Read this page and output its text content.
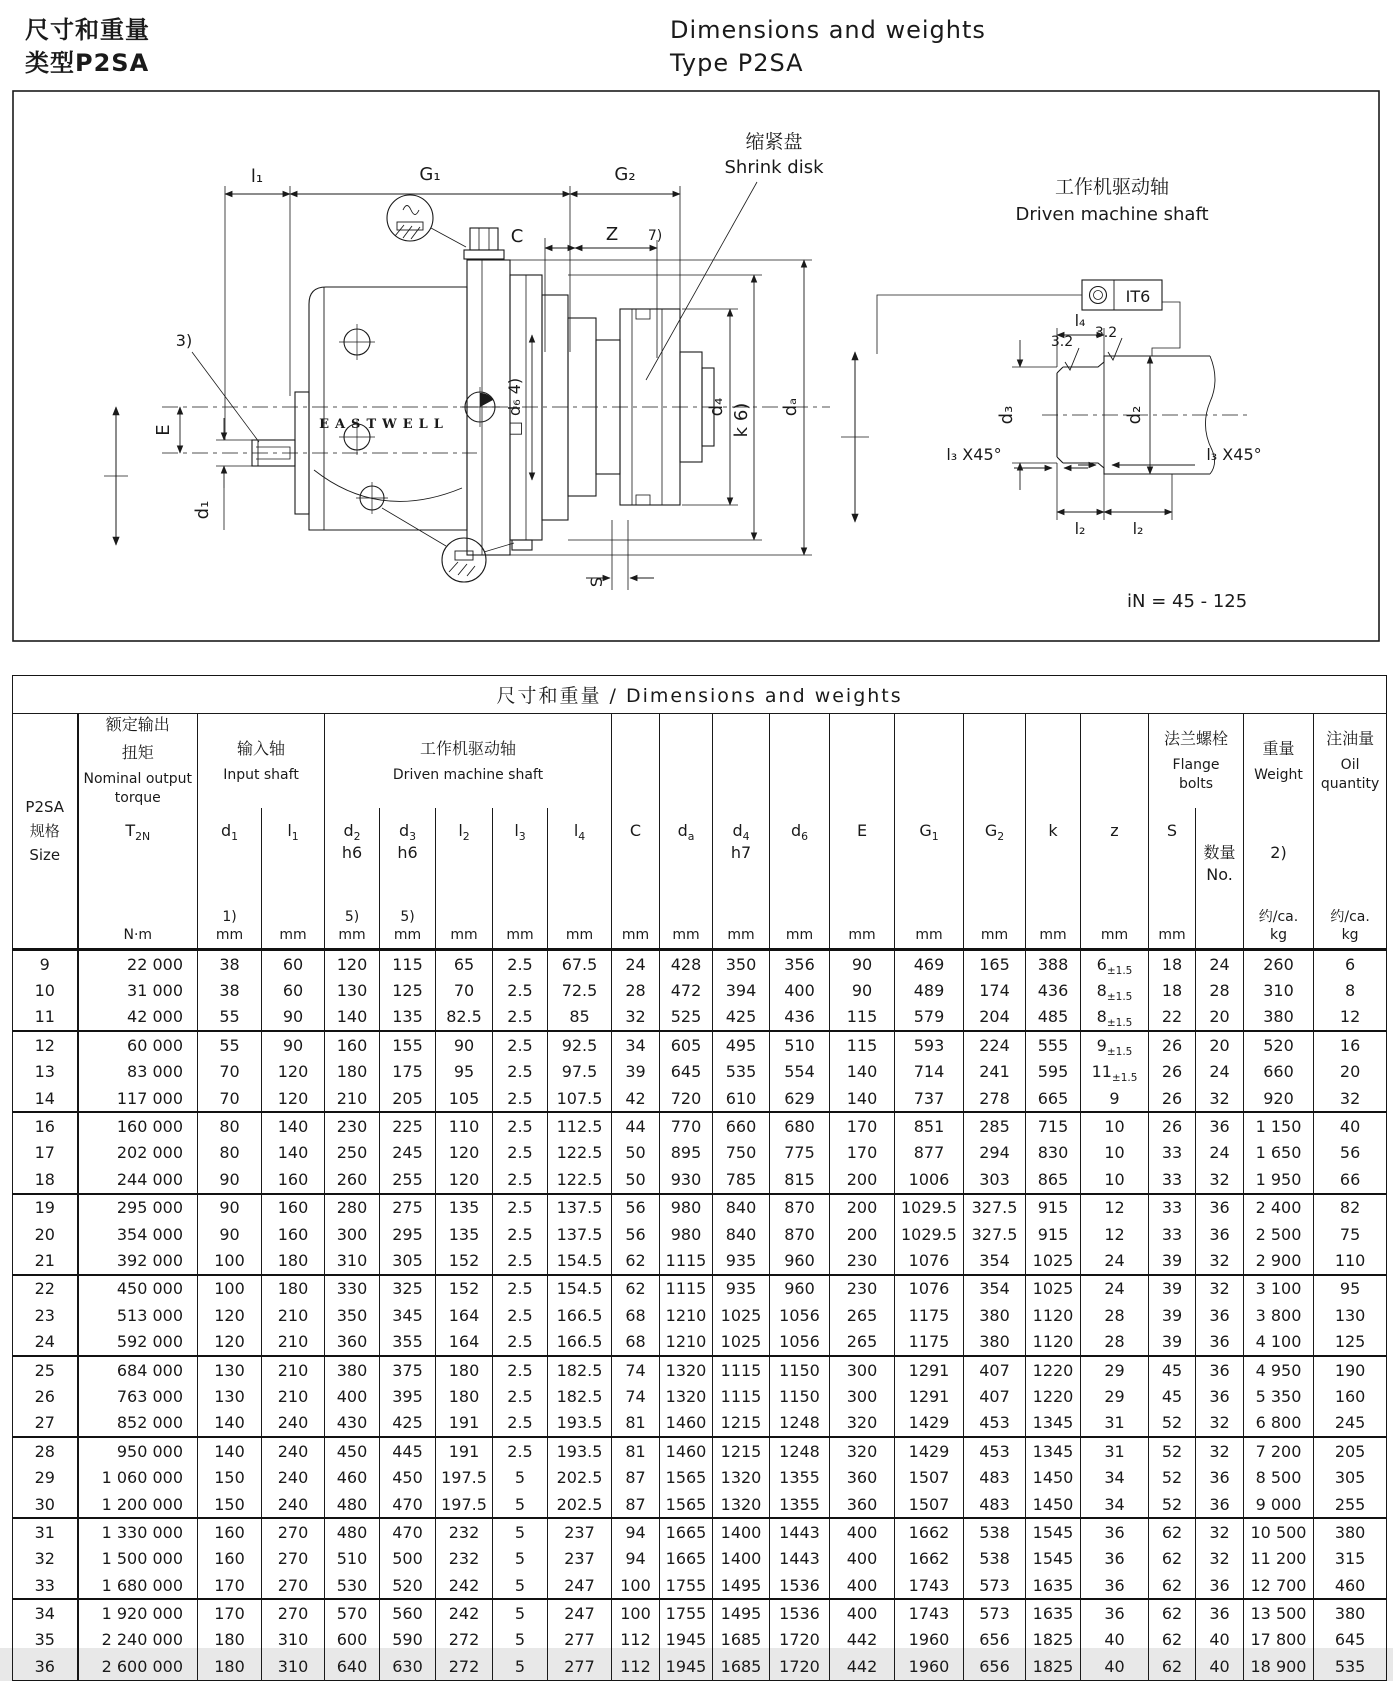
尺寸和重量
类型P2SA
Dimensions and weights
Type P2SA
l₁	G₁	G₂
C	Z 7)
3)
缩紧盘
Shrink disk
EASTWELL
E
d₁
□ d₆ 4)	d₄ k 6) dₐ
S
工作机驱动轴
Driven machine shaft
IT6
l₄
3.2
3.2
d₃	d₂
l₃ X45°	l₃ X45°
l₂	l₂
iN = 45 - 125
尺寸和重量 / Dimensions and weights																					

P2SA
规格
Size

额定输出
扭矩
Nominal output
torque

输入轴
Input shaft

工作机驱动轴
Driven machine shaft

法兰螺栓
Flange
bolts

重量
Weight

注油量
Oil
quantity

$T_{2N}$	$d_1$	$l_1$	$d_2$
h6

$d_3$
h6

$l_2$	$l_3$	$l_4$	C	$d_a$	$d_4$
h7

$d_6$	E	$G_1$	$G_2$	k	z	S

数量
No.

2)

N·m

1)
mm	mm

5)
mm

5)
mm	mm	mm	mm	mm	mm	mm	mm	mm	mm	mm	mm	mm	mm

约/ca.
kg

约/ca.
kg

9	22 000	38	60	120	115	65	2.5	67.5	24	428	350	356	90	469	165	388	$6_{\pm 1.5}$	18	24	260	6
10	31 000	38	60	130	125	70	2.5	72.5	28	472	394	400	90	489	174	436	$8_{\pm 1.5}$	18	28	310	8
11	42 000	55	90	140	135	82.5	2.5	85	32	525	425	436	115	579	204	485	$8_{\pm 1.5}$	22	20	380	12
12	60 000	55	90	160	155	90	2.5	92.5	34	605	495	510	115	593	224	555	$9_{\pm 1.5}$	26	20	520	16
13	83 000	70	120	180	175	95	2.5	97.5	39	645	535	554	140	714	241	595	$11_{\pm 1.5}$	26	24	660	20
14	117 000	70	120	210	205	105	2.5	107.5	42	720	610	629	140	737	278	665	9	26	32	920	32
16	160 000	80	140	230	225	110	2.5	112.5	44	770	660	680	170	851	285	715	10	26	36	1 150	40
17	202 000	80	140	250	245	120	2.5	122.5	50	895	750	775	170	877	294	830	10	33	24	1 650	56
18	244 000	90	160	260	255	120	2.5	122.5	50	930	785	815	200	1006	303	865	10	33	32	1 950	66
19	295 000	90	160	280	275	135	2.5	137.5	56	980	840	870	200	1029.5	327.5	915	12	33	36	2 400	82
20	354 000	90	160	300	295	135	2.5	137.5	56	980	840	870	200	1029.5	327.5	915	12	33	36	2 500	75
21	392 000	100	180	310	305	152	2.5	154.5	62	1115	935	960	230	1076	354	1025	24	39	32	2 900	110
22	450 000	100	180	330	325	152	2.5	154.5	62	1115	935	960	230	1076	354	1025	24	39	32	3 100	95
23	513 000	120	210	350	345	164	2.5	166.5	68	1210	1025	1056	265	1175	380	1120	28	39	36	3 800	130
24	592 000	120	210	360	355	164	2.5	166.5	68	1210	1025	1056	265	1175	380	1120	28	39	36	4 100	125
25	684 000	130	210	380	375	180	2.5	182.5	74	1320	1115	1150	300	1291	407	1220	29	45	36	4 950	190
26	763 000	130	210	400	395	180	2.5	182.5	74	1320	1115	1150	300	1291	407	1220	29	45	36	5 350	160
27	852 000	140	240	430	425	191	2.5	193.5	81	1460	1215	1248	320	1429	453	1345	31	52	32	6 800	245
28	950 000	140	240	450	445	191	2.5	193.5	81	1460	1215	1248	320	1429	453	1345	31	52	32	7 200	205
29	1 060 000	150	240	460	450	197.5	5	202.5	87	1565	1320	1355	360	1507	483	1450	34	52	36	8 500	305
30	1 200 000	150	240	480	470	197.5	5	202.5	87	1565	1320	1355	360	1507	483	1450	34	52	36	9 000	255
31	1 330 000	160	270	480	470	232	5	237	94	1665	1400	1443	400	1662	538	1545	36	62	32	10 500	380
32	1 500 000	160	270	510	500	232	5	237	94	1665	1400	1443	400	1662	538	1545	36	62	32	11 200	315
33	1 680 000	170	270	530	520	242	5	247	100	1755	1495	1536	400	1743	573	1635	36	62	36	12 700	460
34	1 920 000	170	270	570	560	242	5	247	100	1755	1495	1536	400	1743	573	1635	36	62	36	13 500	380
35	2 240 000	180	310	600	590	272	5	277	112	1945	1685	1720	442	1960	656	1825	40	62	40	17 800	645
36	2 600 000	180	310	640	630	272	5	277	112	1945	1685	1720	442	1960	656	1825	40	62	40	18 900	535
